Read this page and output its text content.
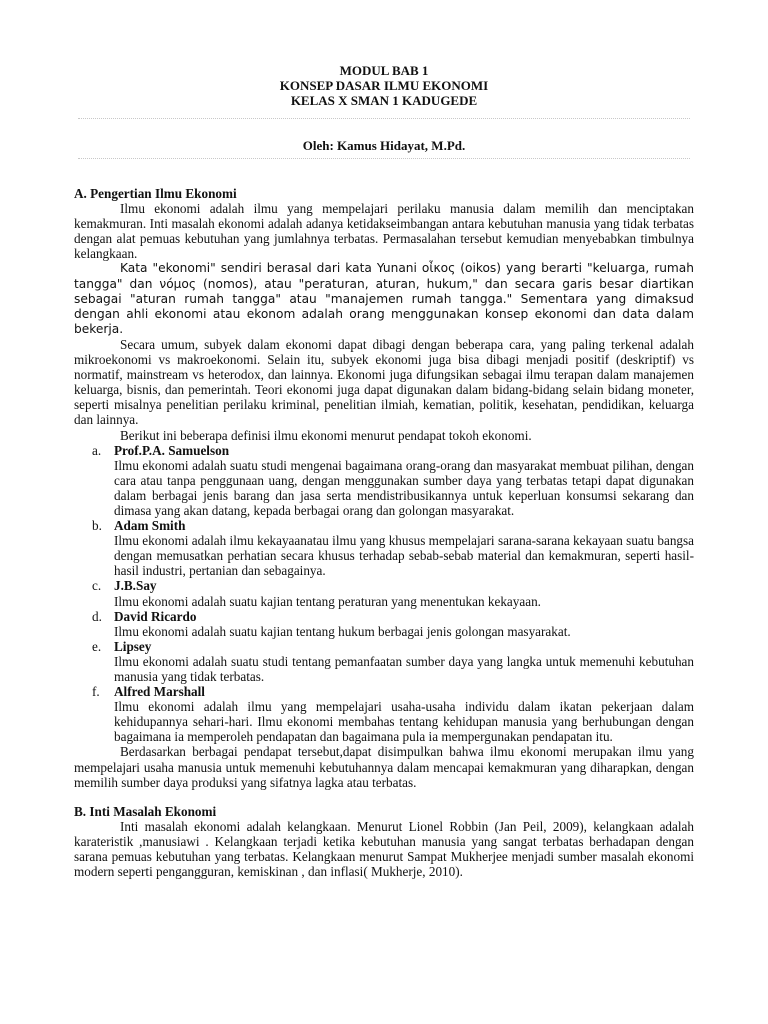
MODUL BAB 1
KONSEP DASAR ILMU EKONOMI
KELAS X SMAN 1 KADUGEDE
Oleh: Kamus Hidayat, M.Pd.
A. Pengertian Ilmu Ekonomi

Ilmu ekonomi adalah ilmu yang mempelajari perilaku manusia dalam memilih dan menciptakan kemakmuran. Inti masalah ekonomi adalah adanya ketidakseimbangan antara kebutuhan manusia yang tidak terbatas dengan alat pemuas kebutuhan yang jumlahnya terbatas. Permasalahan tersebut kemudian menyebabkan timbulnya kelangkaan.

Kata "ekonomi" sendiri berasal dari kata Yunani οἶκος (oikos) yang berarti "keluarga, rumah tangga" dan νόμος (nomos), atau "peraturan, aturan, hukum," dan secara garis besar diartikan sebagai "aturan rumah tangga" atau "manajemen rumah tangga." Sementara yang dimaksud dengan ahli ekonomi atau ekonom adalah orang menggunakan konsep ekonomi dan data dalam bekerja.

Secara umum, subyek dalam ekonomi dapat dibagi dengan beberapa cara, yang paling terkenal adalah mikroekonomi vs makroekonomi. Selain itu, subyek ekonomi juga bisa dibagi menjadi positif (deskriptif) vs normatif, mainstream vs heterodox, dan lainnya. Ekonomi juga difungsikan sebagai ilmu terapan dalam manajemen keluarga, bisnis, dan pemerintah. Teori ekonomi juga dapat digunakan dalam bidang-bidang selain bidang moneter, seperti misalnya penelitian perilaku kriminal, penelitian ilmiah, kematian, politik, kesehatan, pendidikan, keluarga dan lainnya.

Berikut ini beberapa definisi ilmu ekonomi menurut pendapat tokoh ekonomi.

a. Prof.P.A. Samuelson

Ilmu ekonomi adalah suatu studi mengenai bagaimana orang-orang dan masyarakat membuat pilihan, dengan cara atau tanpa penggunaan uang, dengan menggunakan sumber daya yang terbatas tetapi dapat digunakan dalam berbagai jenis barang dan jasa serta mendistribusikannya untuk keperluan konsumsi sekarang dan dimasa yang akan datang, kepada berbagai orang dan golongan masyarakat.

b. Adam Smith

Ilmu ekonomi adalah ilmu kekayaanatau ilmu yang khusus mempelajari sarana-sarana kekayaan suatu bangsa dengan memusatkan perhatian secara khusus terhadap sebab-sebab material dan kemakmuran, seperti hasil-hasil industri, pertanian dan sebagainya.

c. J.B.Say

Ilmu ekonomi adalah suatu kajian tentang peraturan yang menentukan kekayaan.

d. David Ricardo

Ilmu ekonomi adalah suatu kajian tentang hukum berbagai jenis golongan masyarakat.

e. Lipsey

Ilmu ekonomi adalah suatu studi tentang pemanfaatan sumber daya yang langka untuk memenuhi kebutuhan manusia yang tidak terbatas.

f. Alfred Marshall

Ilmu ekonomi adalah ilmu yang mempelajari usaha-usaha individu dalam ikatan pekerjaan dalam kehidupannya sehari-hari. Ilmu ekonomi membahas tentang kehidupan manusia yang berhubungan dengan bagaimana ia memperoleh pendapatan dan bagaimana pula ia mempergunakan pendapatan itu.

Berdasarkan berbagai pendapat tersebut,dapat disimpulkan bahwa ilmu ekonomi merupakan ilmu yang mempelajari usaha manusia untuk memenuhi kebutuhannya dalam mencapai kemakmuran yang diharapkan, dengan memilih sumber daya produksi yang sifatnya lagka atau terbatas.

B. Inti Masalah Ekonomi

Inti masalah ekonomi adalah kelangkaan. Menurut Lionel Robbin (Jan Peil, 2009), kelangkaan adalah karateristik ,manusiawi . Kelangkaan terjadi ketika kebutuhan manusia yang sangat terbatas berhadapan dengan sarana pemuas kebutuhan yang terbatas. Kelangkaan menurut Sampat Mukherjee menjadi sumber masalah ekonomi modern seperti pengangguran, kemiskinan , dan inflasi( Mukherje, 2010).
